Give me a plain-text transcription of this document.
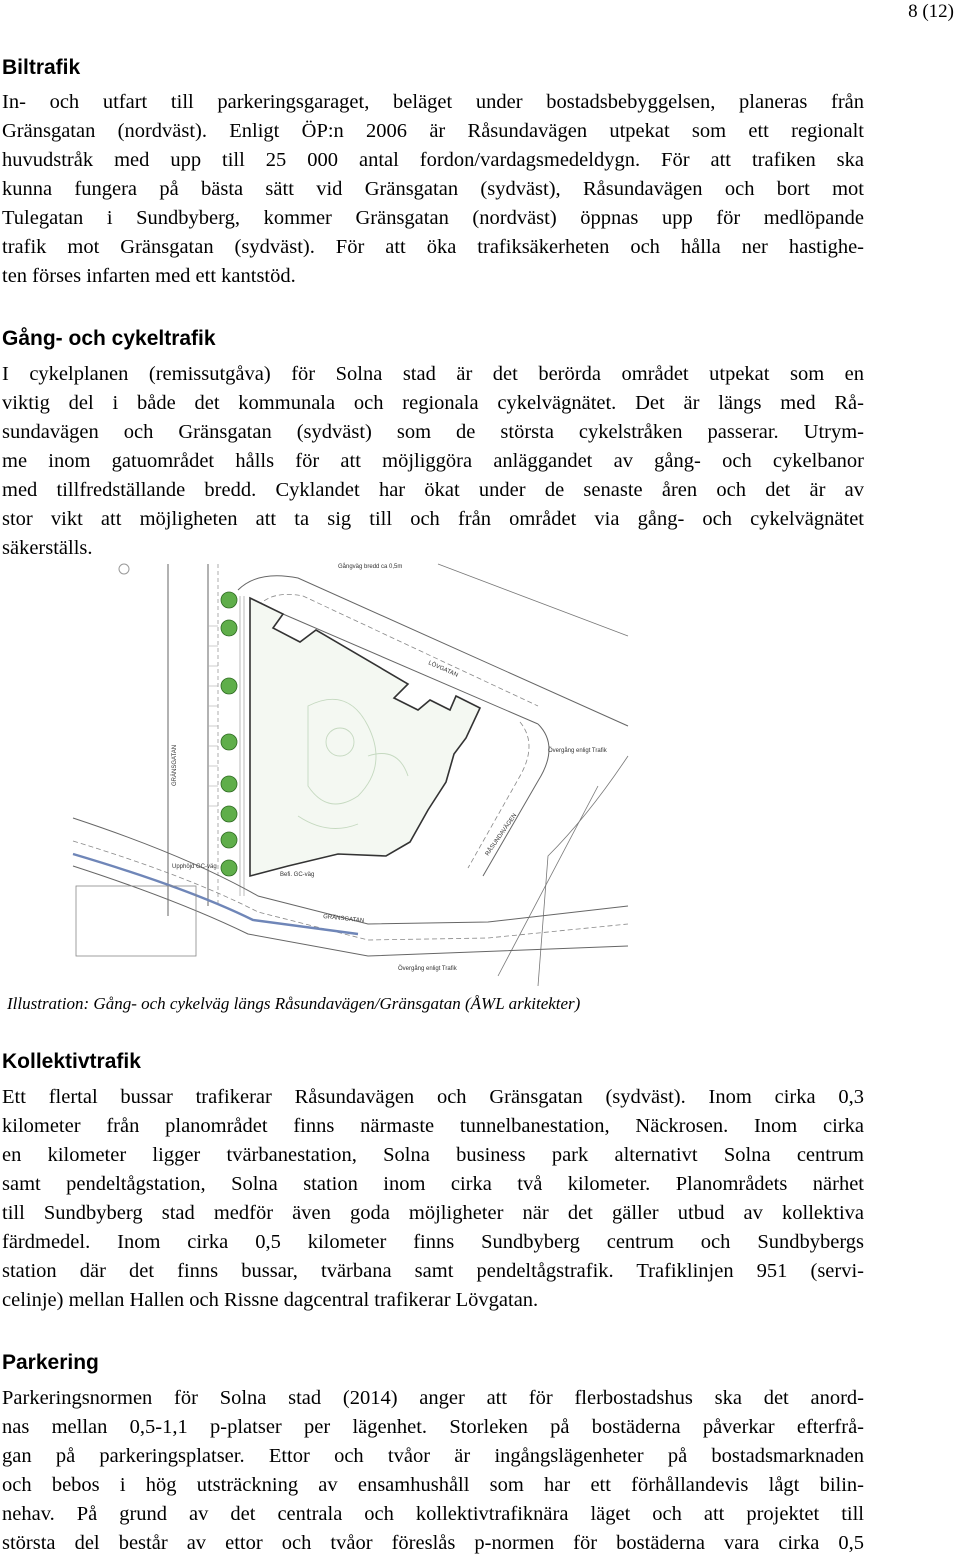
8 (12)
Biltrafik
In- och utfart till parkeringsgaraget, beläget under bostadsbebyggelsen, planeras från
Gränsgatan (nordväst). Enligt ÖP:n 2006 är Råsundavägen utpekat som ett regionalt
huvudstråk med upp till 25 000 antal fordon/vardagsmedeldygn. För att trafiken ska
kunna fungera på bästa sätt vid Gränsgatan (sydväst), Råsundavägen och bort mot
Tulegatan i Sundbyberg, kommer Gränsgatan (nordväst) öppnas upp för medlöpande
trafik mot Gränsgatan (sydväst). För att öka trafiksäkerheten och hålla ner hastighe-
ten förses infarten med ett kantstöd.
Gång- och cykeltrafik
I cykelplanen (remissutgåva) för Solna stad är det berörda området utpekat som en
viktig del i både det kommunala och regionala cykelvägnätet. Det är längs med Rå-
sundavägen och Gränsgatan (sydväst) som de största cykelstråken passerar. Utrym-
me inom gatuområdet hålls för att möjliggöra anläggandet av gång- och cykelbanor
med tillfredställande bredd. Cyklandet har ökat under de senaste åren och det är av
stor vikt att möjligheten att ta sig till och från området via gång- och cykelvägnätet
säkerställs.
GRÄNSGATAN
LÖVGATAN
RÅSUNDAVÄGEN
Övergång enligt Trafik
Övergång enligt Trafik
GRÄNSGATAN
Gångväg bredd ca 0,5m
Befi. GC-väg
Upphöjd GC-väg
Illustration: Gång- och cykelväg längs Råsundavägen/Gränsgatan (ÅWL arkitekter)
Kollektivtrafik
Ett flertal bussar trafikerar Råsundavägen och Gränsgatan (sydväst). Inom cirka 0,3
kilometer från planområdet finns närmaste tunnelbanestation, Näckrosen. Inom cirka
en kilometer ligger tvärbanestation, Solna business park alternativt Solna centrum
samt pendeltågstation, Solna station inom cirka två kilometer. Planområdets närhet
till Sundbyberg stad medför även goda möjligheter när det gäller utbud av kollektiva
färdmedel. Inom cirka 0,5 kilometer finns Sundbyberg centrum och Sundbybergs
station där det finns bussar, tvärbana samt pendeltågstrafik. Trafiklinjen 951 (servi-
celinje) mellan Hallen och Rissne dagcentral trafikerar Lövgatan.
Parkering
Parkeringsnormen för Solna stad (2014) anger att för flerbostadshus ska det anord-
nas mellan 0,5-1,1 p-platser per lägenhet. Storleken på bostäderna påverkar efterfrå-
gan på parkeringsplatser. Ettor och tvåor är ingångslägenheter på bostadsmarknaden
och bebos i hög utsträckning av ensamhushåll som har ett förhållandevis lågt bilin-
nehav. På grund av det centrala och kollektivtrafiknära läget och att projektet till
största del består av ettor och tvåor föreslås p-normen för bostäderna vara cirka 0,5
